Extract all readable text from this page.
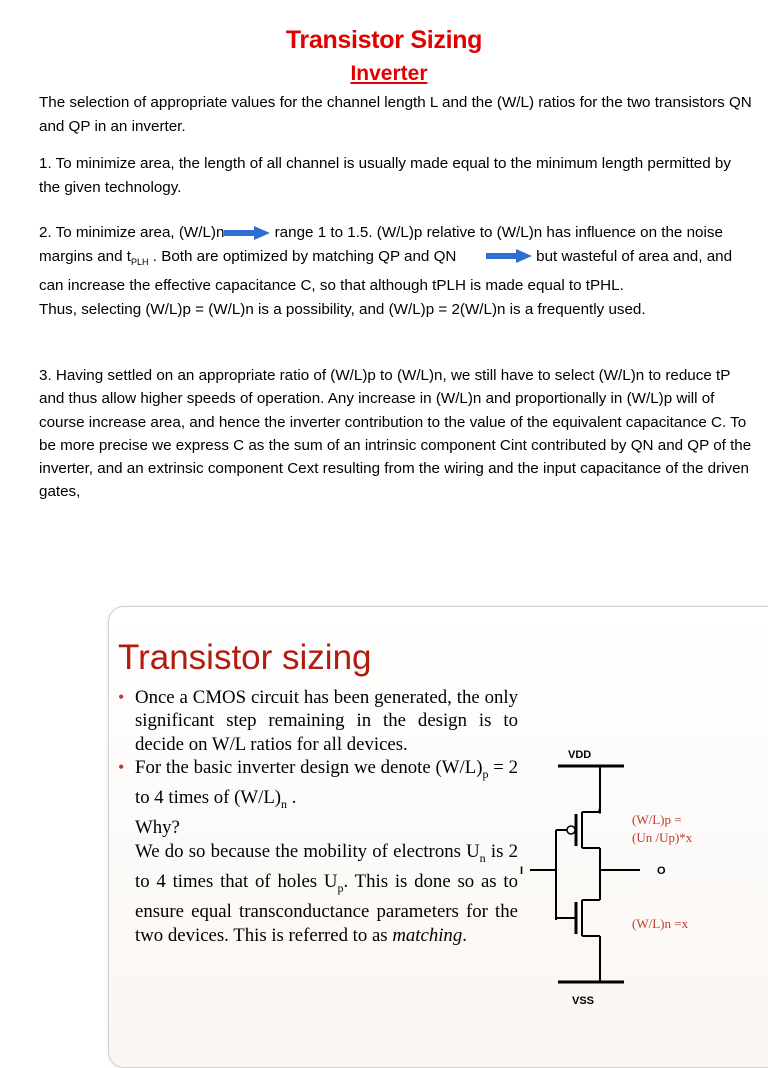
Transistor Sizing
Inverter
The selection of appropriate values for the channel length L and the (W/L) ratios for the two transistors QN and QP in an inverter.
1. To minimize area, the length of all channel is usually made equal to the minimum length permitted by the given technology.
2. To minimize area, (W/L)n	range 1 to 1.5. (W/L)p relative to (W/L)n has influence on the noise margins and $t_{PLH}$ . Both are optimized by matching QP and QN	but wasteful of area and, and can increase the effective capacitance C, so that although tPLH is made equal to tPHL.
Thus, selecting (W/L)p = (W/L)n is a possibility, and (W/L)p = 2(W/L)n is a frequently used.
3. Having settled on an appropriate ratio of (W/L)p to (W/L)n, we still have to select (W/L)n to reduce tP and thus allow higher speeds of operation. Any increase in (W/L)n and proportionally in (W/L)p will of course increase area, and hence the inverter contribution to the value of the equivalent capacitance C. To be more precise we express C as the sum of an intrinsic component Cint contributed by QN and QP of the inverter, and an extrinsic component Cext resulting from the wiring and the input capacitance of the driven gates,
Transistor sizing
• Once a CMOS circuit has been generated, the only significant step remaining in the design is to decide on W/L ratios for all devices.
• For the basic inverter design we denote $(W/L)_p = 2$ to 4 times of $(W/L)_n$ .
Why?
We do so because the mobility of electrons $U_n$ is 2 to 4 times that of holes $U_p$. This is done so as to ensure equal transconductance parameters for the two devices. This is referred to as matching.
VDD
I	O
VSS
(W/L)p =
(Un /Up)*x
(W/L)n =x
